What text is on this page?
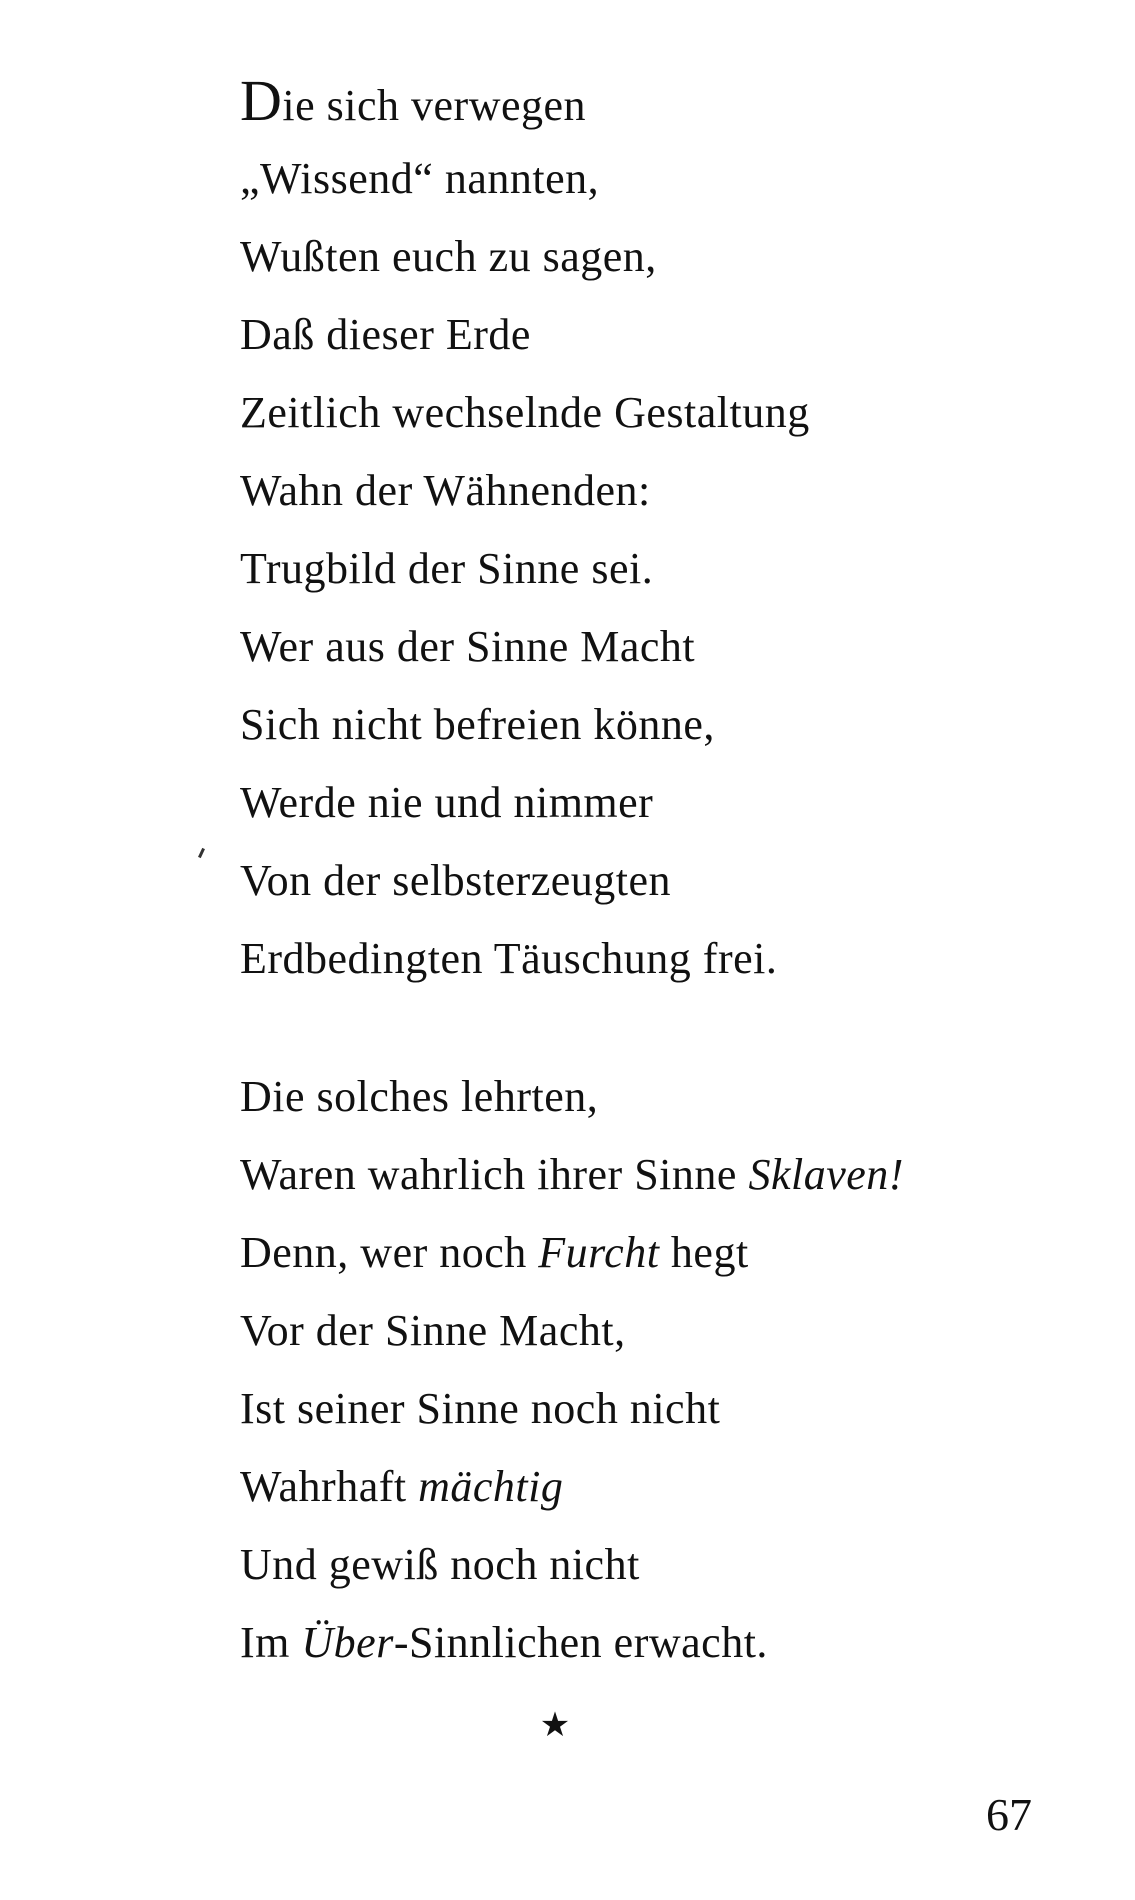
Die sich verwegen
„Wissend“ nannten,
Wußten euch zu sagen,
Daß dieser Erde
Zeitlich wechselnde Gestaltung
Wahn der Wähnenden:
Trugbild der Sinne sei.
Wer aus der Sinne Macht
Sich nicht befreien könne,
Werde nie und nimmer
Von der selbsterzeugten
Erdbedingten Täuschung frei.
Die solches lehrten,
Waren wahrlich ihrer Sinne Sklaven!
Denn, wer noch Furcht hegt
Vor der Sinne Macht,
Ist seiner Sinne noch nicht
Wahrhaft mächtig
Und gewiß noch nicht
Im Über-Sinnlichen erwacht.
★
67
